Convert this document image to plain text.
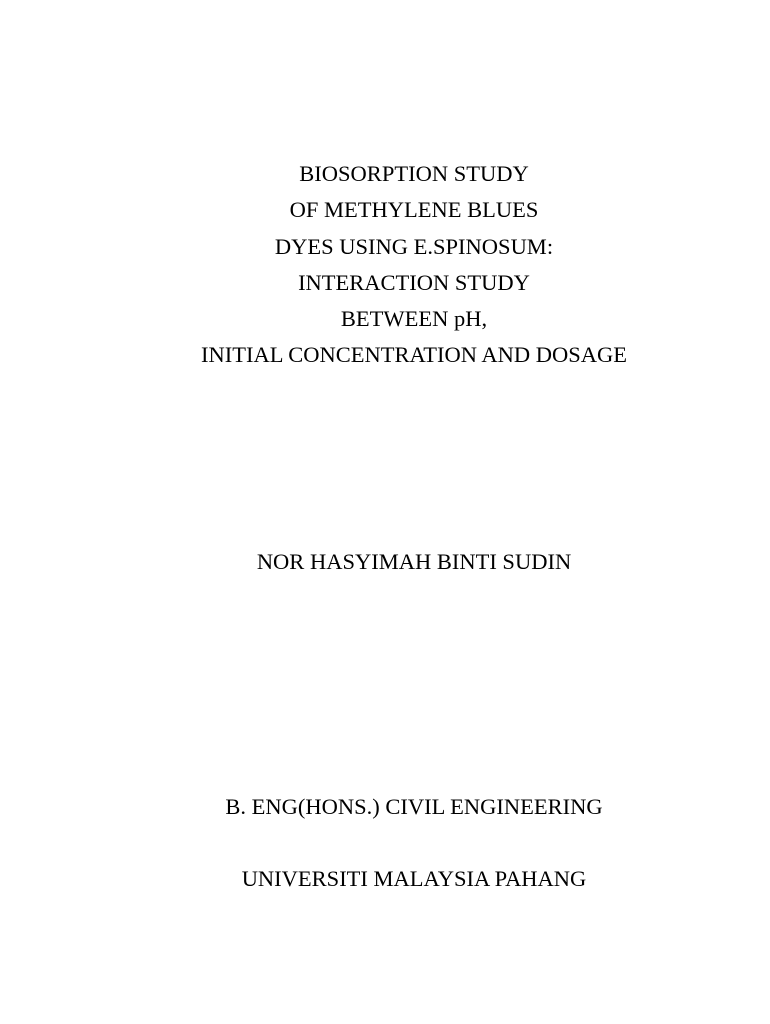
BIOSORPTION STUDY
OF METHYLENE BLUES
DYES USING E.SPINOSUM:
INTERACTION STUDY
BETWEEN pH,
INITIAL CONCENTRATION AND DOSAGE
NOR HASYIMAH BINTI SUDIN
B. ENG(HONS.) CIVIL ENGINEERING
UNIVERSITI MALAYSIA PAHANG
